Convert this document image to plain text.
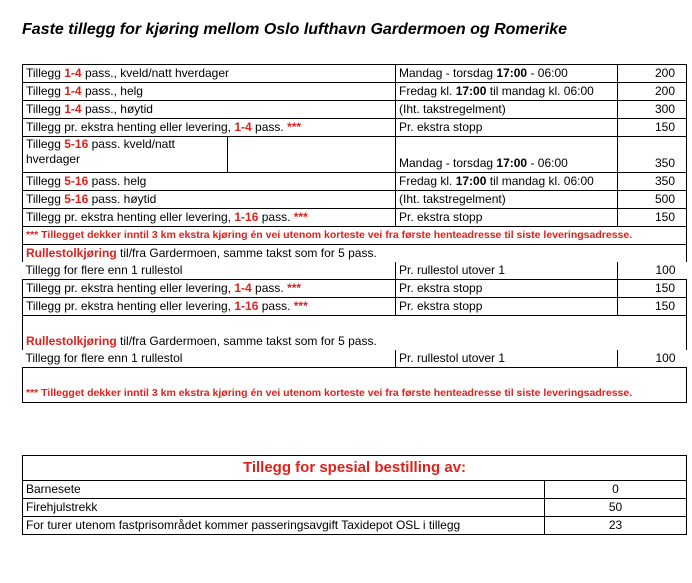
Faste tillegg for kjøring mellom Oslo lufthavn Gardermoen og Romerike
Tillegg 1-4 pass., kveld/natt hverdager		Mandag - torsdag 17:00 - 06:00	200
Tillegg 1-4 pass., helg		Fredag kl. 17:00 til mandag kl. 06:00	200
Tillegg 1-4 pass., høytid		(Iht. takstregelment)	300
Tillegg pr. ekstra henting eller levering, 1-4 pass. ***		Pr. ekstra stopp	150
Tillegg 5-16 pass. kveld/natt
hverdager		Mandag - torsdag 17:00 - 06:00	350
Tillegg 5-16 pass. helg		Fredag kl. 17:00 til mandag kl. 06:00	350
Tillegg 5-16 pass. høytid		(Iht. takstregelment)	500
Tillegg pr. ekstra henting eller levering, 1-16 pass. ***		Pr. ekstra stopp	150
*** Tillegget dekker inntil 3 km ekstra kjøring én vei utenom korteste vei fra første henteadresse til siste leveringsadresse.			
Rullestolkjøring til/fra Gardermoen, samme takst som for 5 pass.			
Tillegg for flere enn 1 rullestol		Pr. rullestol utover 1	100
Tillegg pr. ekstra henting eller levering, 1-4 pass. ***		Pr. ekstra stopp	150
Tillegg pr. ekstra henting eller levering, 1-16 pass. ***		Pr. ekstra stopp	150

Rullestolkjøring til/fra Gardermoen, samme takst som for 5 pass.			
Tillegg for flere enn 1 rullestol		Pr. rullestol utover 1	100

*** Tillegget dekker inntil 3 km ekstra kjøring én vei utenom korteste vei fra første henteadresse til siste leveringsadresse.			
Tillegg for spesial bestilling av:	
Barnesete	0
Firehjulstrekk	50
For turer utenom fastprisområdet kommer passeringsavgift Taxidepot OSL i tillegg	23
